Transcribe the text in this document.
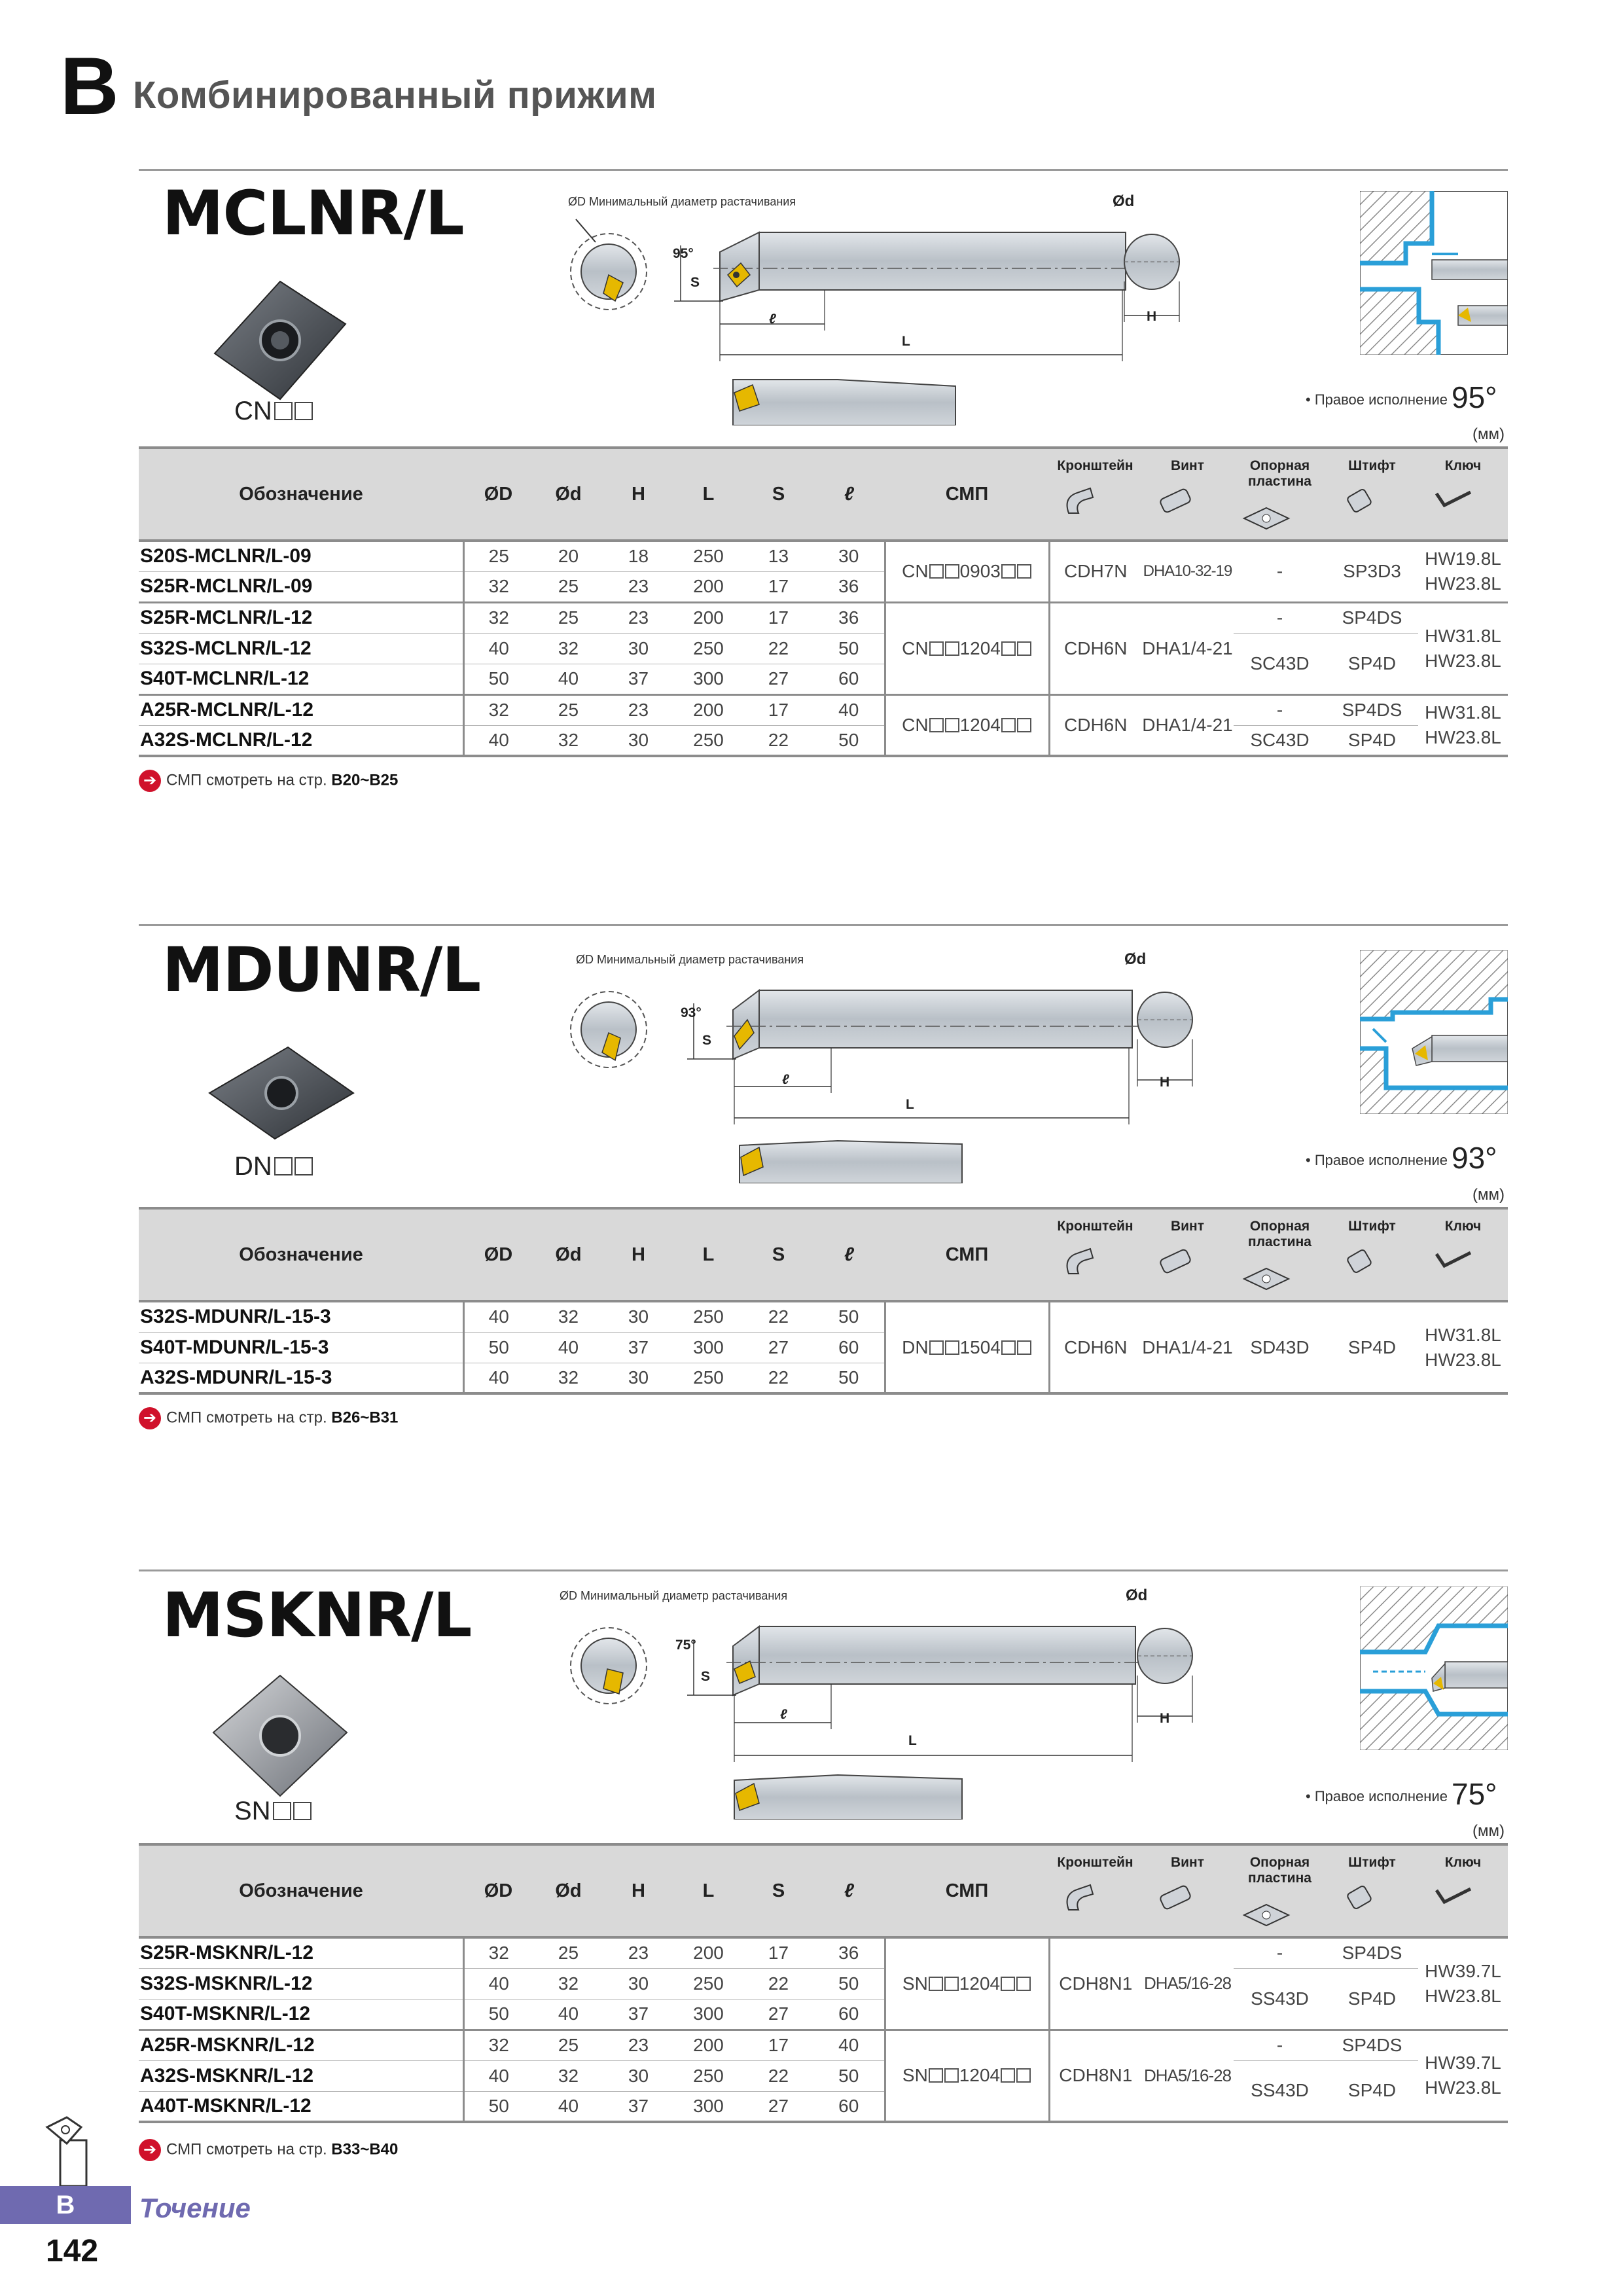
B Комбинированный прижим
MCLNR/L
CN
ØD Минимальный диаметр растачивания	Ød
95°
S
ℓ
L
H
• Правое исполнение 95°
(мм)
Обозначение	ØD	Ød	H	L	S	ℓ	СМП	Кронштейн	Винт	Опорная пластина	Штифт	Ключ

S20S-MCLNR/L-09	25	20	18	250	13	30	CN 0903	CDH7N	DHA10-32-19	-	SP3D3	HW19.8L
HW23.8L

S25R-MCLNR/L-09	32	25	23	200	17	36						
S25R-MCLNR/L-12	32	25	23	200	17	36	CN 1204	CDH6N	DHA1/4-21	-	SP4DS	HW31.8L
HW23.8L

S32S-MCLNR/L-12	40	32	30	250	22	50				SC43D	SP4D	
S40T-MCLNR/L-12	50	40	37	300	27	60						
A25R-MCLNR/L-12	32	25	23	200	17	40	CN 1204	CDH6N	DHA1/4-21	-	SP4DS	HW31.8L
HW23.8L

A32S-MCLNR/L-12	40	32	30	250	22	50				SC43D	SP4D	
➔ СМП смотреть на стр. B20~B25
MDUNR/L
DN
ØD Минимальный диаметр растачивания	Ød
93°
S
ℓ
L
H
• Правое исполнение 93°
(мм)
Обозначение	ØD	Ød	H	L	S	ℓ	СМП	Кронштейн	Винт	Опорная пластина	Штифт	Ключ

S32S-MDUNR/L-15-3	40	32	30	250	22	50	DN 1504	CDH6N	DHA1/4-21	SD43D	SP4D	HW31.8L
HW23.8L

S40T-MDUNR/L-15-3	50	40	37	300	27	60						
A32S-MDUNR/L-15-3	40	32	30	250	22	50						
➔ СМП смотреть на стр. B26~B31
MSKNR/L
SN
ØD Минимальный диаметр растачивания	Ød
75°
S
ℓ
L
H
• Правое исполнение 75°
(мм)
Обозначение	ØD	Ød	H	L	S	ℓ	СМП	Кронштейн	Винт	Опорная пластина	Штифт	Ключ

S25R-MSKNR/L-12	32	25	23	200	17	36	SN 1204	CDH8N1	DHA5/16-28	-	SP4DS	HW39.7L
HW23.8L

S32S-MSKNR/L-12	40	32	30	250	22	50				SS43D	SP4D	
S40T-MSKNR/L-12	50	40	37	300	27	60						
A25R-MSKNR/L-12	32	25	23	200	17	40	SN 1204	CDH8N1	DHA5/16-28	-	SP4DS	HW39.7L
HW23.8L

A32S-MSKNR/L-12	40	32	30	250	22	50				SS43D	SP4D	
A40T-MSKNR/L-12	50	40	37	300	27	60						
➔ СМП смотреть на стр. B33~B40
B	Точение
142
